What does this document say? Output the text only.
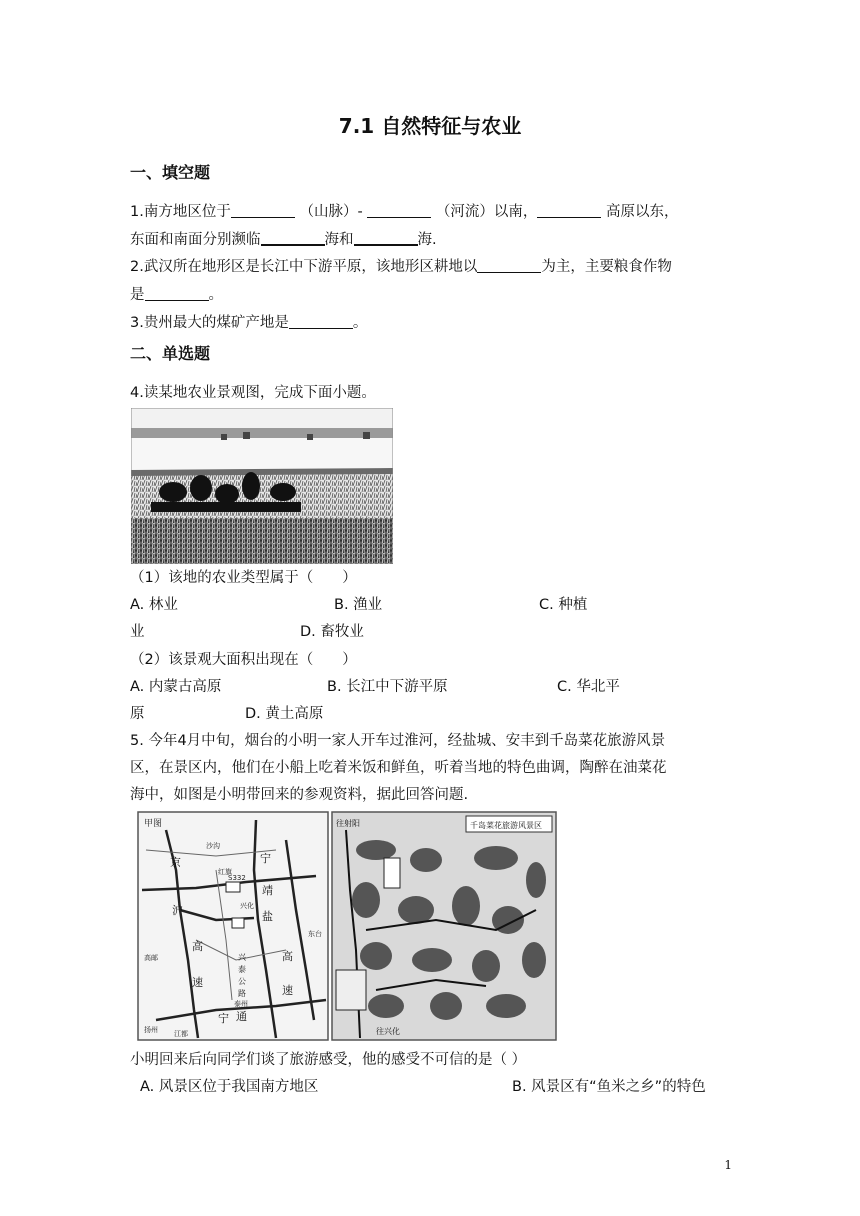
7.1 自然特征与农业
一、填空题
1.南方地区位于	（山脉）-	（河流）以南，	高原以东，
东面和南面分别濒临	海和	海.
2.武汉所在地形区是长江中下游平原，该地形区耕地以	为主，主要粮食作物
是	。
3.贵州最大的煤矿产地是	。
二、单选题
4.读某地农业景观图，完成下面小题。
（1）该地的农业类型属于（　　）
A. 林业	B. 渔业	C. 种植
业	D. 畜牧业
（2）该景观大面积出现在（　　）
A. 内蒙古高原	B. 长江中下游平原	C. 华北平
原	D. 黄土高原
5. 今年4月中旬，烟台的小明一家人开车过淮河，经盐城、安丰到千岛菜花旅游风景
区，在景区内，他们在小船上吃着米饭和鲜鱼，听着当地的特色曲调，陶醉在油菜花
海中，如图是小明带回来的参观资料，据此回答问题.
甲图
京
沪
宁
高
速
盐
靖
通
宁
高
速
兴
泰
公
路
沙沟
红旗
S332
东台
高邮
扬州 江都
泰州
兴化
往射阳	千岛菜花旅游风景区
往兴化
小明回来后向同学们谈了旅游感受，他的感受不可信的是（ ）
A. 风景区位于我国南方地区	B. 风景区有“鱼米之乡”的特色
1
